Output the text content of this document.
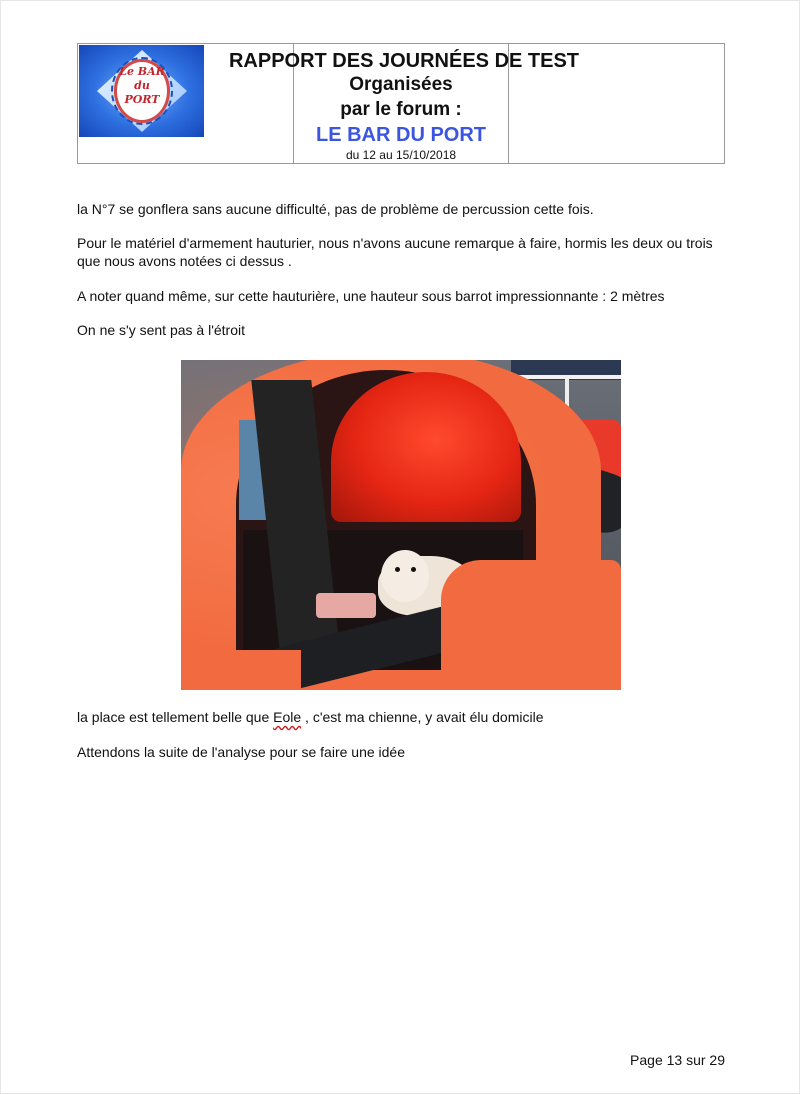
Le BAR
du
PORT
RAPPORT DES JOURNÉES DE TEST
Organisées
par le forum :
LE BAR DU PORT
du 12 au 15/10/2018
la N°7 se gonflera sans aucune difficulté, pas de problème de percussion cette fois.
Pour le matériel d'armement hauturier, nous n'avons aucune remarque à faire, hormis les deux ou trois que nous avons notées ci dessus .
A noter quand même, sur cette hauturière, une hauteur sous barrot impressionnante : 2 mètres
On ne s'y sent pas à l'étroit
la place est tellement belle que Eole , c'est ma chienne, y avait élu domicile
Attendons la suite de l'analyse pour se faire une idée
Page 13 sur 29
